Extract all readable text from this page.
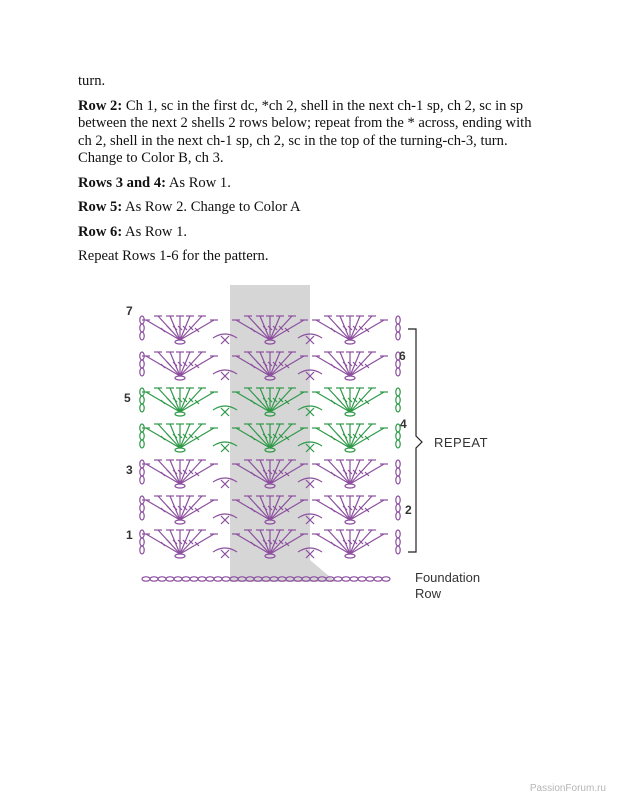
turn.

Row 2: Ch 1, sc in the first dc, *ch 2, shell in the next ch-1 sp, ch 2, sc in sp between the next 2 shells 2 rows below; repeat from the * across, ending with ch 2, shell in the next ch-1 sp, ch 2, sc in the top of the turning-ch-3, turn. Change to Color B, ch 3.

Rows 3 and 4: As Row 1.

Row 5: As Row 2. Change to Color A

Row 6: As Row 1.

Repeat Rows 1-6 for the pattern.

7
5
3
1
6
4
2
REPEAT
Foundation
Row
PassionForum.ru
